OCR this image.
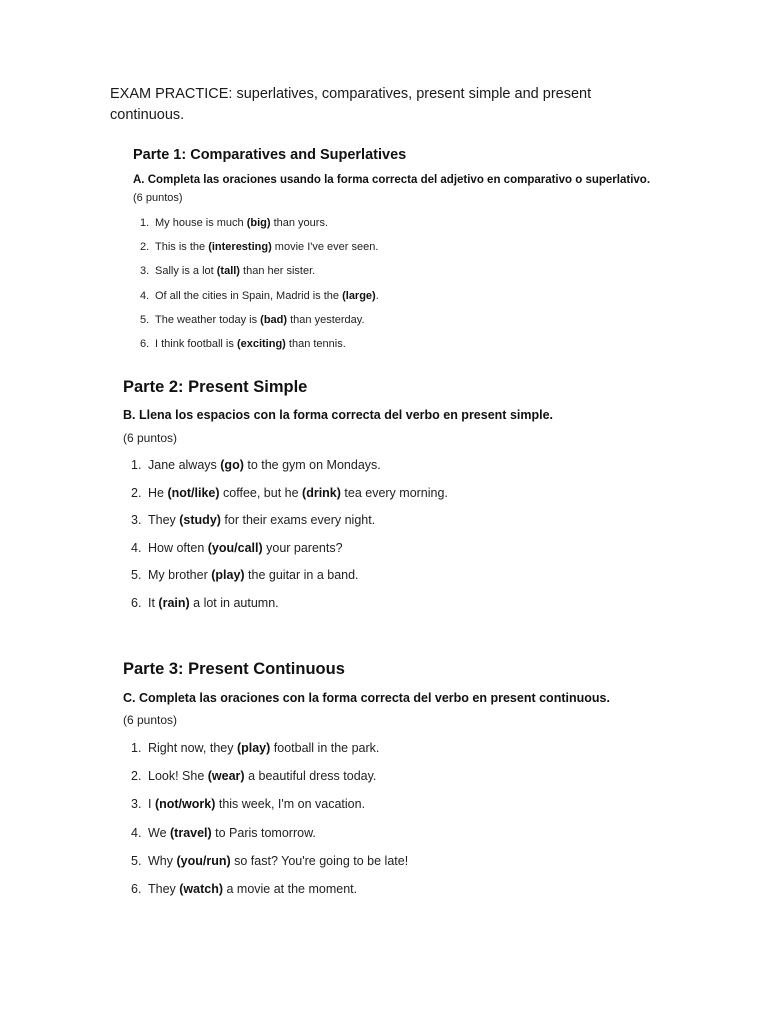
EXAM PRACTICE: superlatives, comparatives, present simple and present continuous.
Parte 1: Comparatives and Superlatives
A. Completa las oraciones usando la forma correcta del adjetivo en comparativo o superlativo.
(6 puntos)
1. My house is much (big) than yours.
2. This is the (interesting) movie I've ever seen.
3. Sally is a lot (tall) than her sister.
4. Of all the cities in Spain, Madrid is the (large).
5. The weather today is (bad) than yesterday.
6. I think football is (exciting) than tennis.
Parte 2: Present Simple
B. Llena los espacios con la forma correcta del verbo en present simple.
(6 puntos)
1. Jane always (go) to the gym on Mondays.
2. He (not/like) coffee, but he (drink) tea every morning.
3. They (study) for their exams every night.
4. How often (you/call) your parents?
5. My brother (play) the guitar in a band.
6. It (rain) a lot in autumn.
Parte 3: Present Continuous
C. Completa las oraciones con la forma correcta del verbo en present continuous.
(6 puntos)
1. Right now, they (play) football in the park.
2. Look! She (wear) a beautiful dress today.
3. I (not/work) this week, I'm on vacation.
4. We (travel) to Paris tomorrow.
5. Why (you/run) so fast? You're going to be late!
6. They (watch) a movie at the moment.
